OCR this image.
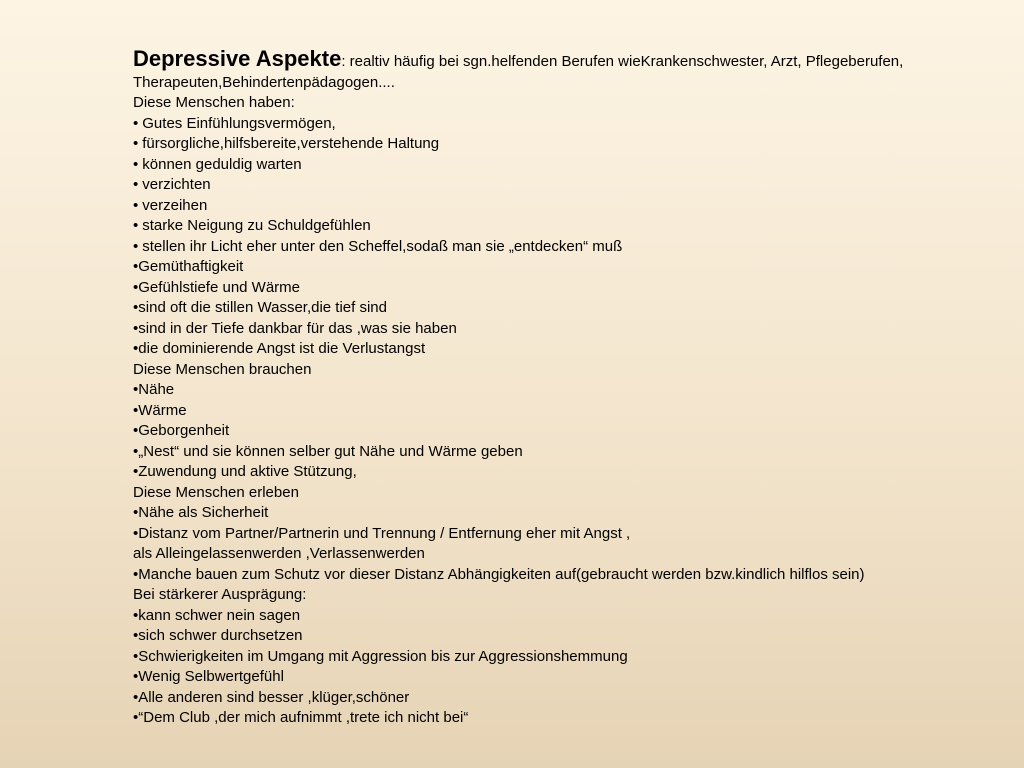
Depressive Aspekte: realtiv häufig bei sgn.helfenden Berufen wieKrankenschwester, Arzt, Pflegeberufen,
Therapeuten,Behindertenpädagogen....
Diese Menschen haben:
• Gutes Einfühlungsvermögen,
• fürsorgliche,hilfsbereite,verstehende Haltung
• können geduldig warten
• verzichten
• verzeihen
• starke Neigung zu Schuldgefühlen
• stellen ihr Licht eher unter den Scheffel,sodaß man sie „entdecken“ muß
•Gemüthaftigkeit
•Gefühlstiefe und Wärme
•sind oft die stillen Wasser,die tief sind
•sind in der Tiefe dankbar für das ,was sie haben
•die dominierende Angst ist die Verlustangst
Diese Menschen brauchen
•Nähe
•Wärme
•Geborgenheit
•„Nest“ und sie können selber gut Nähe und Wärme geben
•Zuwendung und aktive Stützung,
Diese Menschen erleben
•Nähe als Sicherheit
•Distanz vom Partner/Partnerin und Trennung / Entfernung eher mit Angst ,
als Alleingelassenwerden ,Verlassenwerden
•Manche bauen zum Schutz vor dieser Distanz Abhängigkeiten auf(gebraucht werden bzw.kindlich hilflos sein)
Bei stärkerer Ausprägung:
•kann schwer nein sagen
•sich schwer durchsetzen
•Schwierigkeiten im Umgang mit Aggression bis zur Aggressionshemmung
•Wenig Selbwertgefühl
•Alle anderen sind besser ,klüger,schöner
•“Dem Club ,der mich aufnimmt ,trete ich nicht bei“
